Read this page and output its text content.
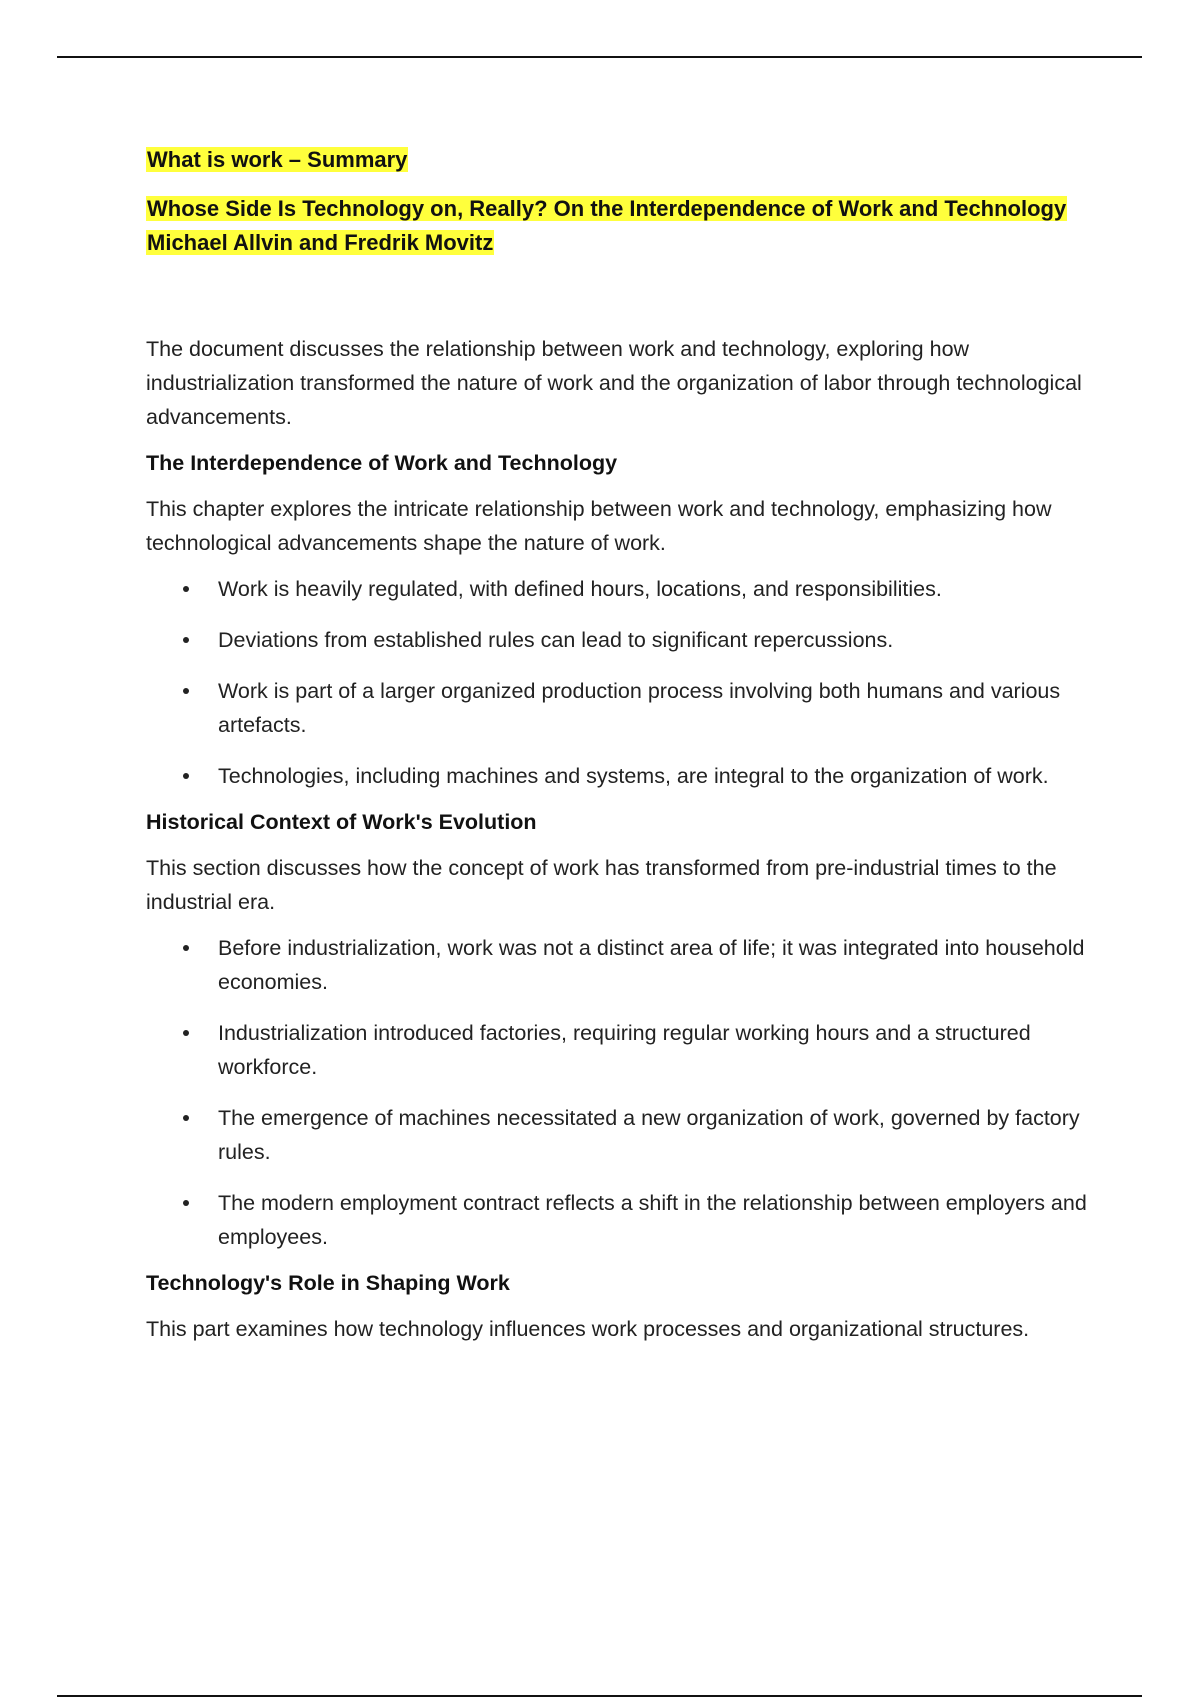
What is work – Summary
Whose Side Is Technology on, Really? On the Interdependence of Work and Technology Michael Allvin and Fredrik Movitz

The document discusses the relationship between work and technology, exploring how industrialization transformed the nature of work and the organization of labor through technological advancements.

The Interdependence of Work and Technology

This chapter explores the intricate relationship between work and technology, emphasizing how technological advancements shape the nature of work.

Work is heavily regulated, with defined hours, locations, and responsibilities.
Deviations from established rules can lead to significant repercussions.
Work is part of a larger organized production process involving both humans and various artefacts.
Technologies, including machines and systems, are integral to the organization of work.
Historical Context of Work's Evolution

This section discusses how the concept of work has transformed from pre-industrial times to the industrial era.

Before industrialization, work was not a distinct area of life; it was integrated into household economies.
Industrialization introduced factories, requiring regular working hours and a structured workforce.
The emergence of machines necessitated a new organization of work, governed by factory rules.
The modern employment contract reflects a shift in the relationship between employers and employees.
Technology's Role in Shaping Work

This part examines how technology influences work processes and organizational structures.
